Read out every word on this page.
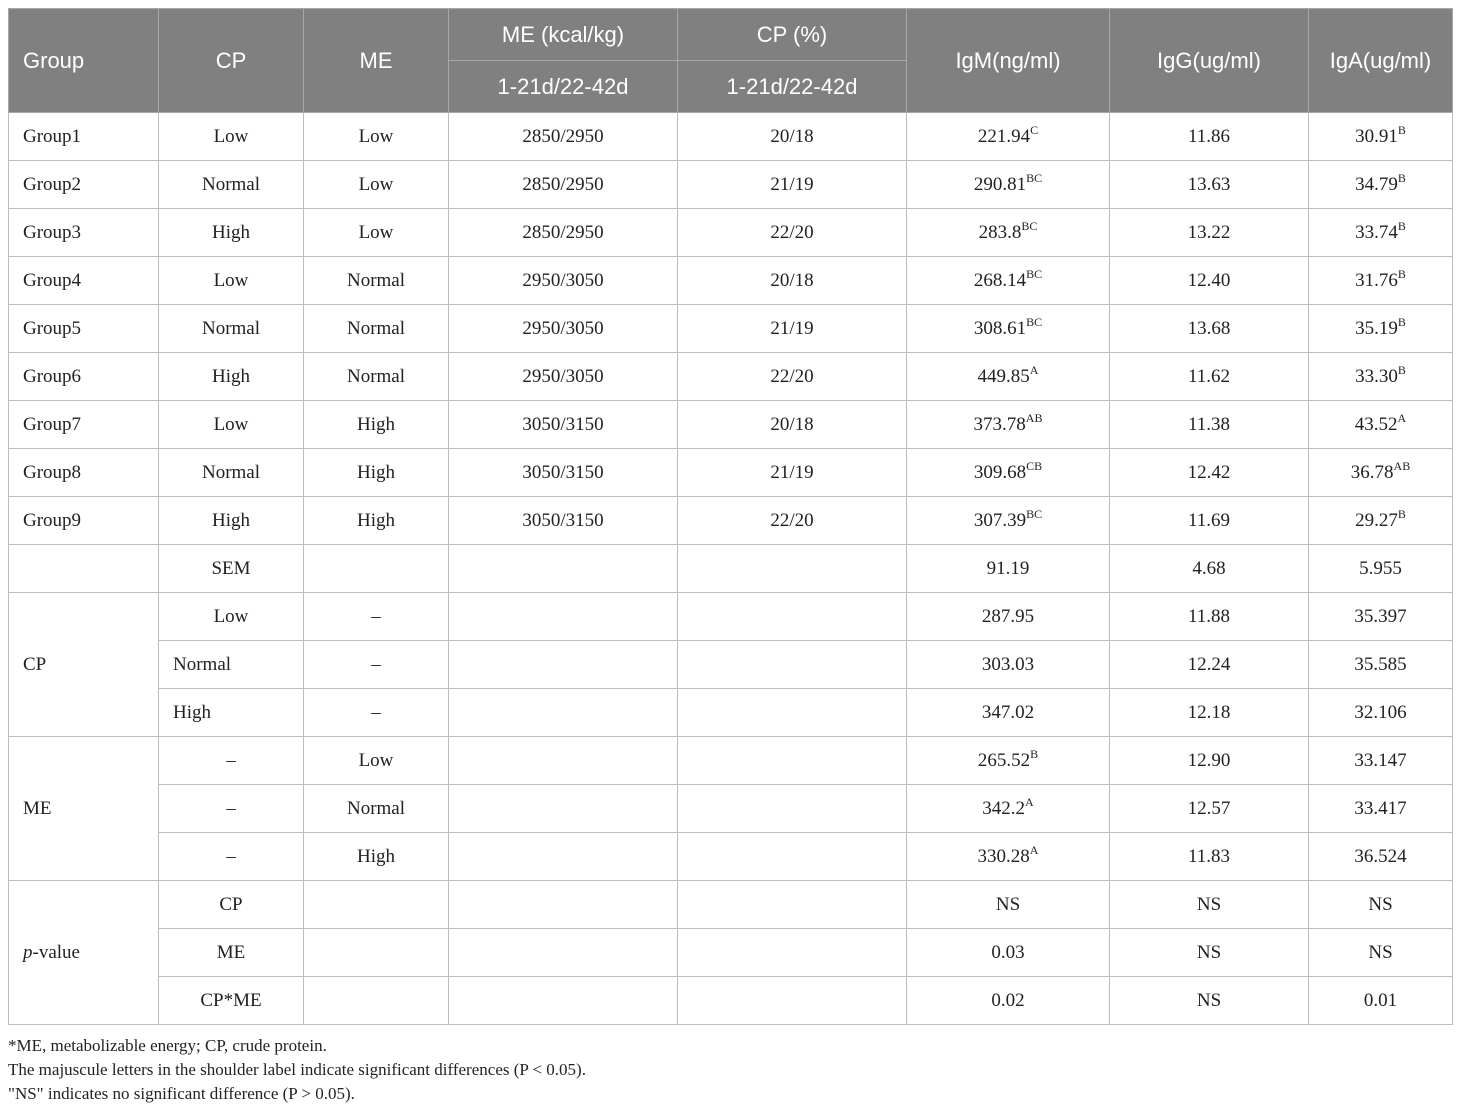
Group	CP	ME	ME (kcal/kg)	CP (%)	IgM(ng/ml)	IgG(ug/ml)	IgA(ug/ml)
			1-21d/22-42d	1-21d/22-42d			
Group1	Low	Low	2850/2950	20/18	$221.94^C$	11.86	$30.91^B$
Group2	Normal	Low	2850/2950	21/19	$290.81^{BC}$	13.63	$34.79^B$
Group3	High	Low	2850/2950	22/20	$283.8^{BC}$	13.22	$33.74^B$
Group4	Low	Normal	2950/3050	20/18	$268.14^{BC}$	12.40	$31.76^B$
Group5	Normal	Normal	2950/3050	21/19	$308.61^{BC}$	13.68	$35.19^B$
Group6	High	Normal	2950/3050	22/20	$449.85^A$	11.62	$33.30^B$
Group7	Low	High	3050/3150	20/18	$373.78^{AB}$	11.38	$43.52^A$
Group8	Normal	High	3050/3150	21/19	$309.68^{CB}$	12.42	$36.78^{AB}$
Group9	High	High	3050/3150	22/20	$307.39^{BC}$	11.69	$29.27^B$
	SEM				91.19	4.68	5.955
CP	Low	–			287.95	11.88	35.397
	Normal	–			303.03	12.24	35.585
	High	–			347.02	12.18	32.106
ME	–	Low			$265.52^B$	12.90	33.147
	–	Normal			$342.2^A$	12.57	33.417
	–	High			$330.28^A$	11.83	36.524
p-value	CP				NS	NS	NS
	ME				0.03	NS	NS
	CP*ME				0.02	NS	0.01
*ME, metabolizable energy; CP, crude protein.
The majuscule letters in the shoulder label indicate significant differences (P < 0.05).
"NS" indicates no significant difference (P > 0.05).
